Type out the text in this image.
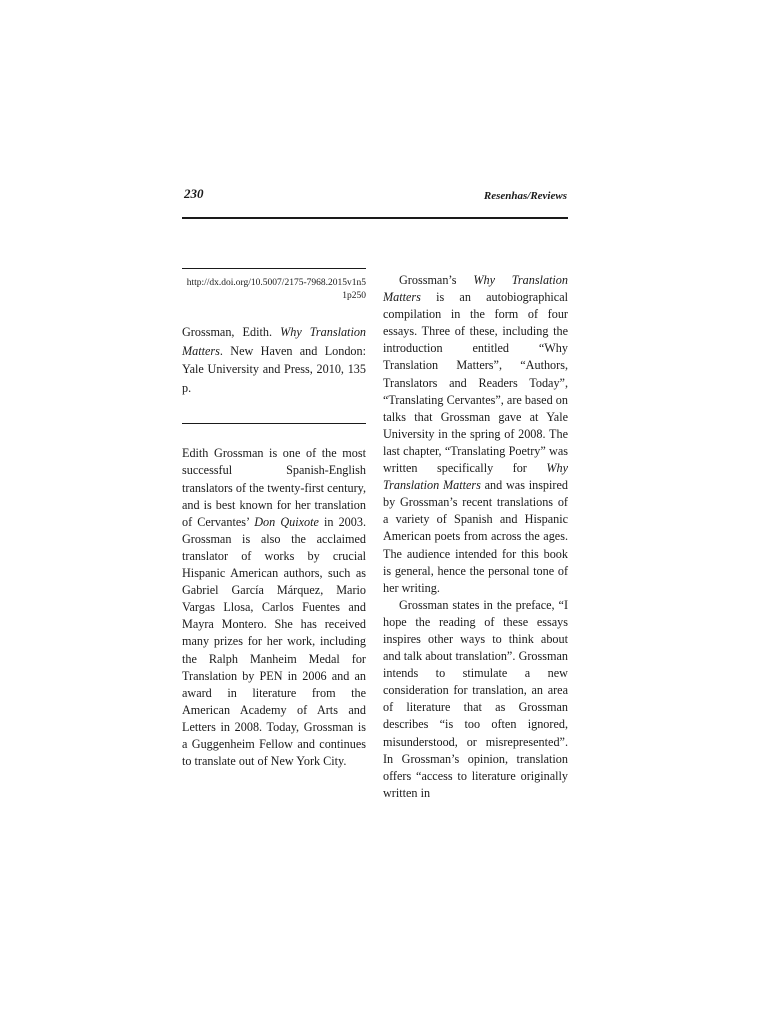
230	Resenhas/Reviews
http://dx.doi.org/10.5007/2175-7968.2015v1n51p250
Grossman, Edith. Why Translation Matters. New Haven and London: Yale University and Press, 2010, 135 p.

Edith Grossman is one of the most successful Spanish-English translators of the twenty-first century, and is best known for her translation of Cervantes’ Don Quixote in 2003. Grossman is also the acclaimed translator of works by crucial Hispanic American authors, such as Gabriel García Márquez, Mario Vargas Llosa, Carlos Fuentes and Mayra Montero. She has received many prizes for her work, including the Ralph Manheim Medal for Translation by PEN in 2006 and an award in literature from the American Academy of Arts and Letters in 2008. Today, Grossman is a Guggenheim Fellow and continues to translate out of New York City.

Grossman’s Why Translation Matters is an autobiographical compilation in the form of four essays. Three of these, including the introduction entitled “Why Translation Matters”, “Authors, Translators and Readers Today”, “Translating Cervantes”, are based on talks that Grossman gave at Yale University in the spring of 2008. The last chapter, “Translating Poetry” was written specifically for Why Translation Matters and was inspired by Grossman’s recent translations of a variety of Spanish and Hispanic American poets from across the ages. The audience intended for this book is general, hence the personal tone of her writing.

Grossman states in the preface, “I hope the reading of these essays inspires other ways to think about and talk about translation”. Grossman intends to stimulate a new consideration for translation, an area of literature that as Grossman describes “is too often ignored, misunderstood, or misrepresented”. In Grossman’s opinion, translation offers “access to literature originally written in
